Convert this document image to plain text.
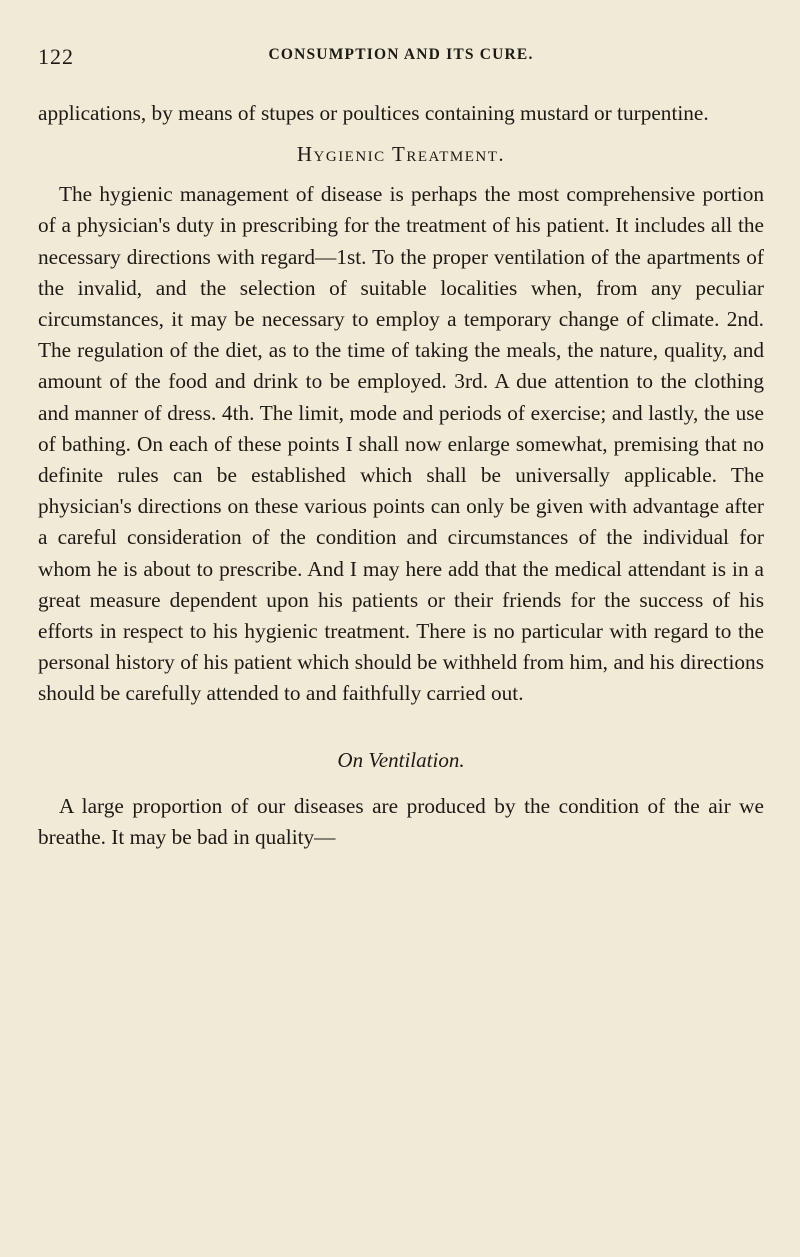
122	CONSUMPTION AND ITS CURE.

applications, by means of stupes or poultices containing mustard or turpentine.

Hygienic Treatment.

The hygienic management of disease is perhaps the most comprehensive portion of a physician's duty in prescribing for the treatment of his patient. It includes all the necessary directions with regard—1st. To the proper ventilation of the apartments of the invalid, and the selection of suitable localities when, from any peculiar circumstances, it may be necessary to employ a temporary change of climate. 2nd. The regulation of the diet, as to the time of taking the meals, the nature, quality, and amount of the food and drink to be employed. 3rd. A due attention to the clothing and manner of dress. 4th. The limit, mode and periods of exercise; and lastly, the use of bathing. On each of these points I shall now enlarge somewhat, premising that no definite rules can be established which shall be universally applicable. The physician's directions on these various points can only be given with advantage after a careful consideration of the condition and circumstances of the individual for whom he is about to prescribe. And I may here add that the medical attendant is in a great measure dependent upon his patients or their friends for the success of his efforts in respect to his hygienic treatment. There is no particular with regard to the personal history of his patient which should be withheld from him, and his directions should be carefully attended to and faithfully carried out.

On Ventilation.

A large proportion of our diseases are produced by the condition of the air we breathe. It may be bad in quality—
